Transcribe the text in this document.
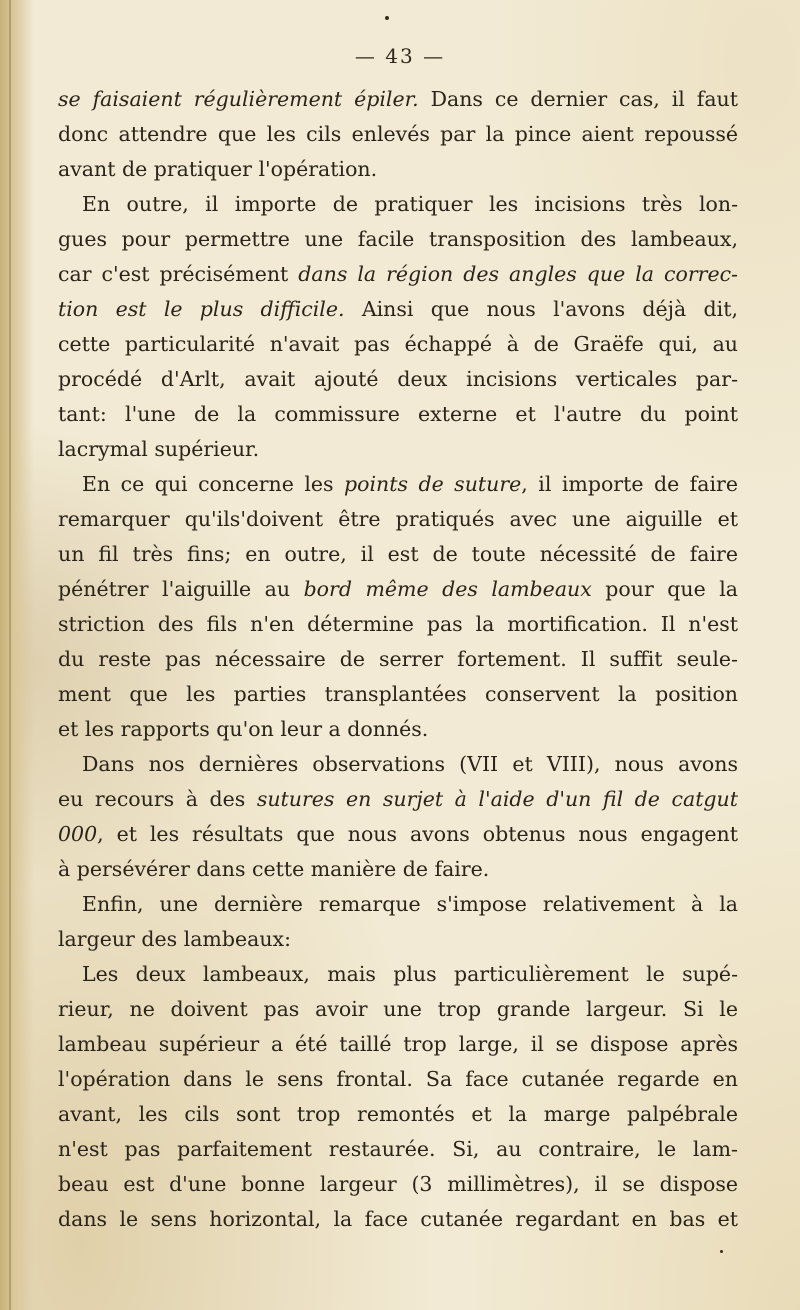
— 43 —
se faisaient régulièrement épiler. Dans ce dernier cas, il faut
donc attendre que les cils enlevés par la pince aient repoussé
avant de pratiquer l'opération.
En outre, il importe de pratiquer les incisions très lon-
gues pour permettre une facile transposition des lambeaux,
car c'est précisément dans la région des angles que la correc-
tion est le plus difficile. Ainsi que nous l'avons déjà dit,
cette particularité n'avait pas échappé à de Graëfe qui, au
procédé d'Arlt, avait ajouté deux incisions verticales par-
tant: l'une de la commissure externe et l'autre du point
lacrymal supérieur.
En ce qui concerne les points de suture, il importe de faire
remarquer qu'ils'doivent être pratiqués avec une aiguille et
un fil très fins; en outre, il est de toute nécessité de faire
pénétrer l'aiguille au bord même des lambeaux pour que la
striction des fils n'en détermine pas la mortification. Il n'est
du reste pas nécessaire de serrer fortement. Il suffit seule-
ment que les parties transplantées conservent la position
et les rapports qu'on leur a donnés.
Dans nos dernières observations (VII et VIII), nous avons
eu recours à des sutures en surjet à l'aide d'un fil de catgut
000, et les résultats que nous avons obtenus nous engagent
à persévérer dans cette manière de faire.
Enfin, une dernière remarque s'impose relativement à la
largeur des lambeaux:
Les deux lambeaux, mais plus particulièrement le supé-
rieur, ne doivent pas avoir une trop grande largeur. Si le
lambeau supérieur a été taillé trop large, il se dispose après
l'opération dans le sens frontal. Sa face cutanée regarde en
avant, les cils sont trop remontés et la marge palpébrale
n'est pas parfaitement restaurée. Si, au contraire, le lam-
beau est d'une bonne largeur (3 millimètres), il se dispose
dans le sens horizontal, la face cutanée regardant en bas et
